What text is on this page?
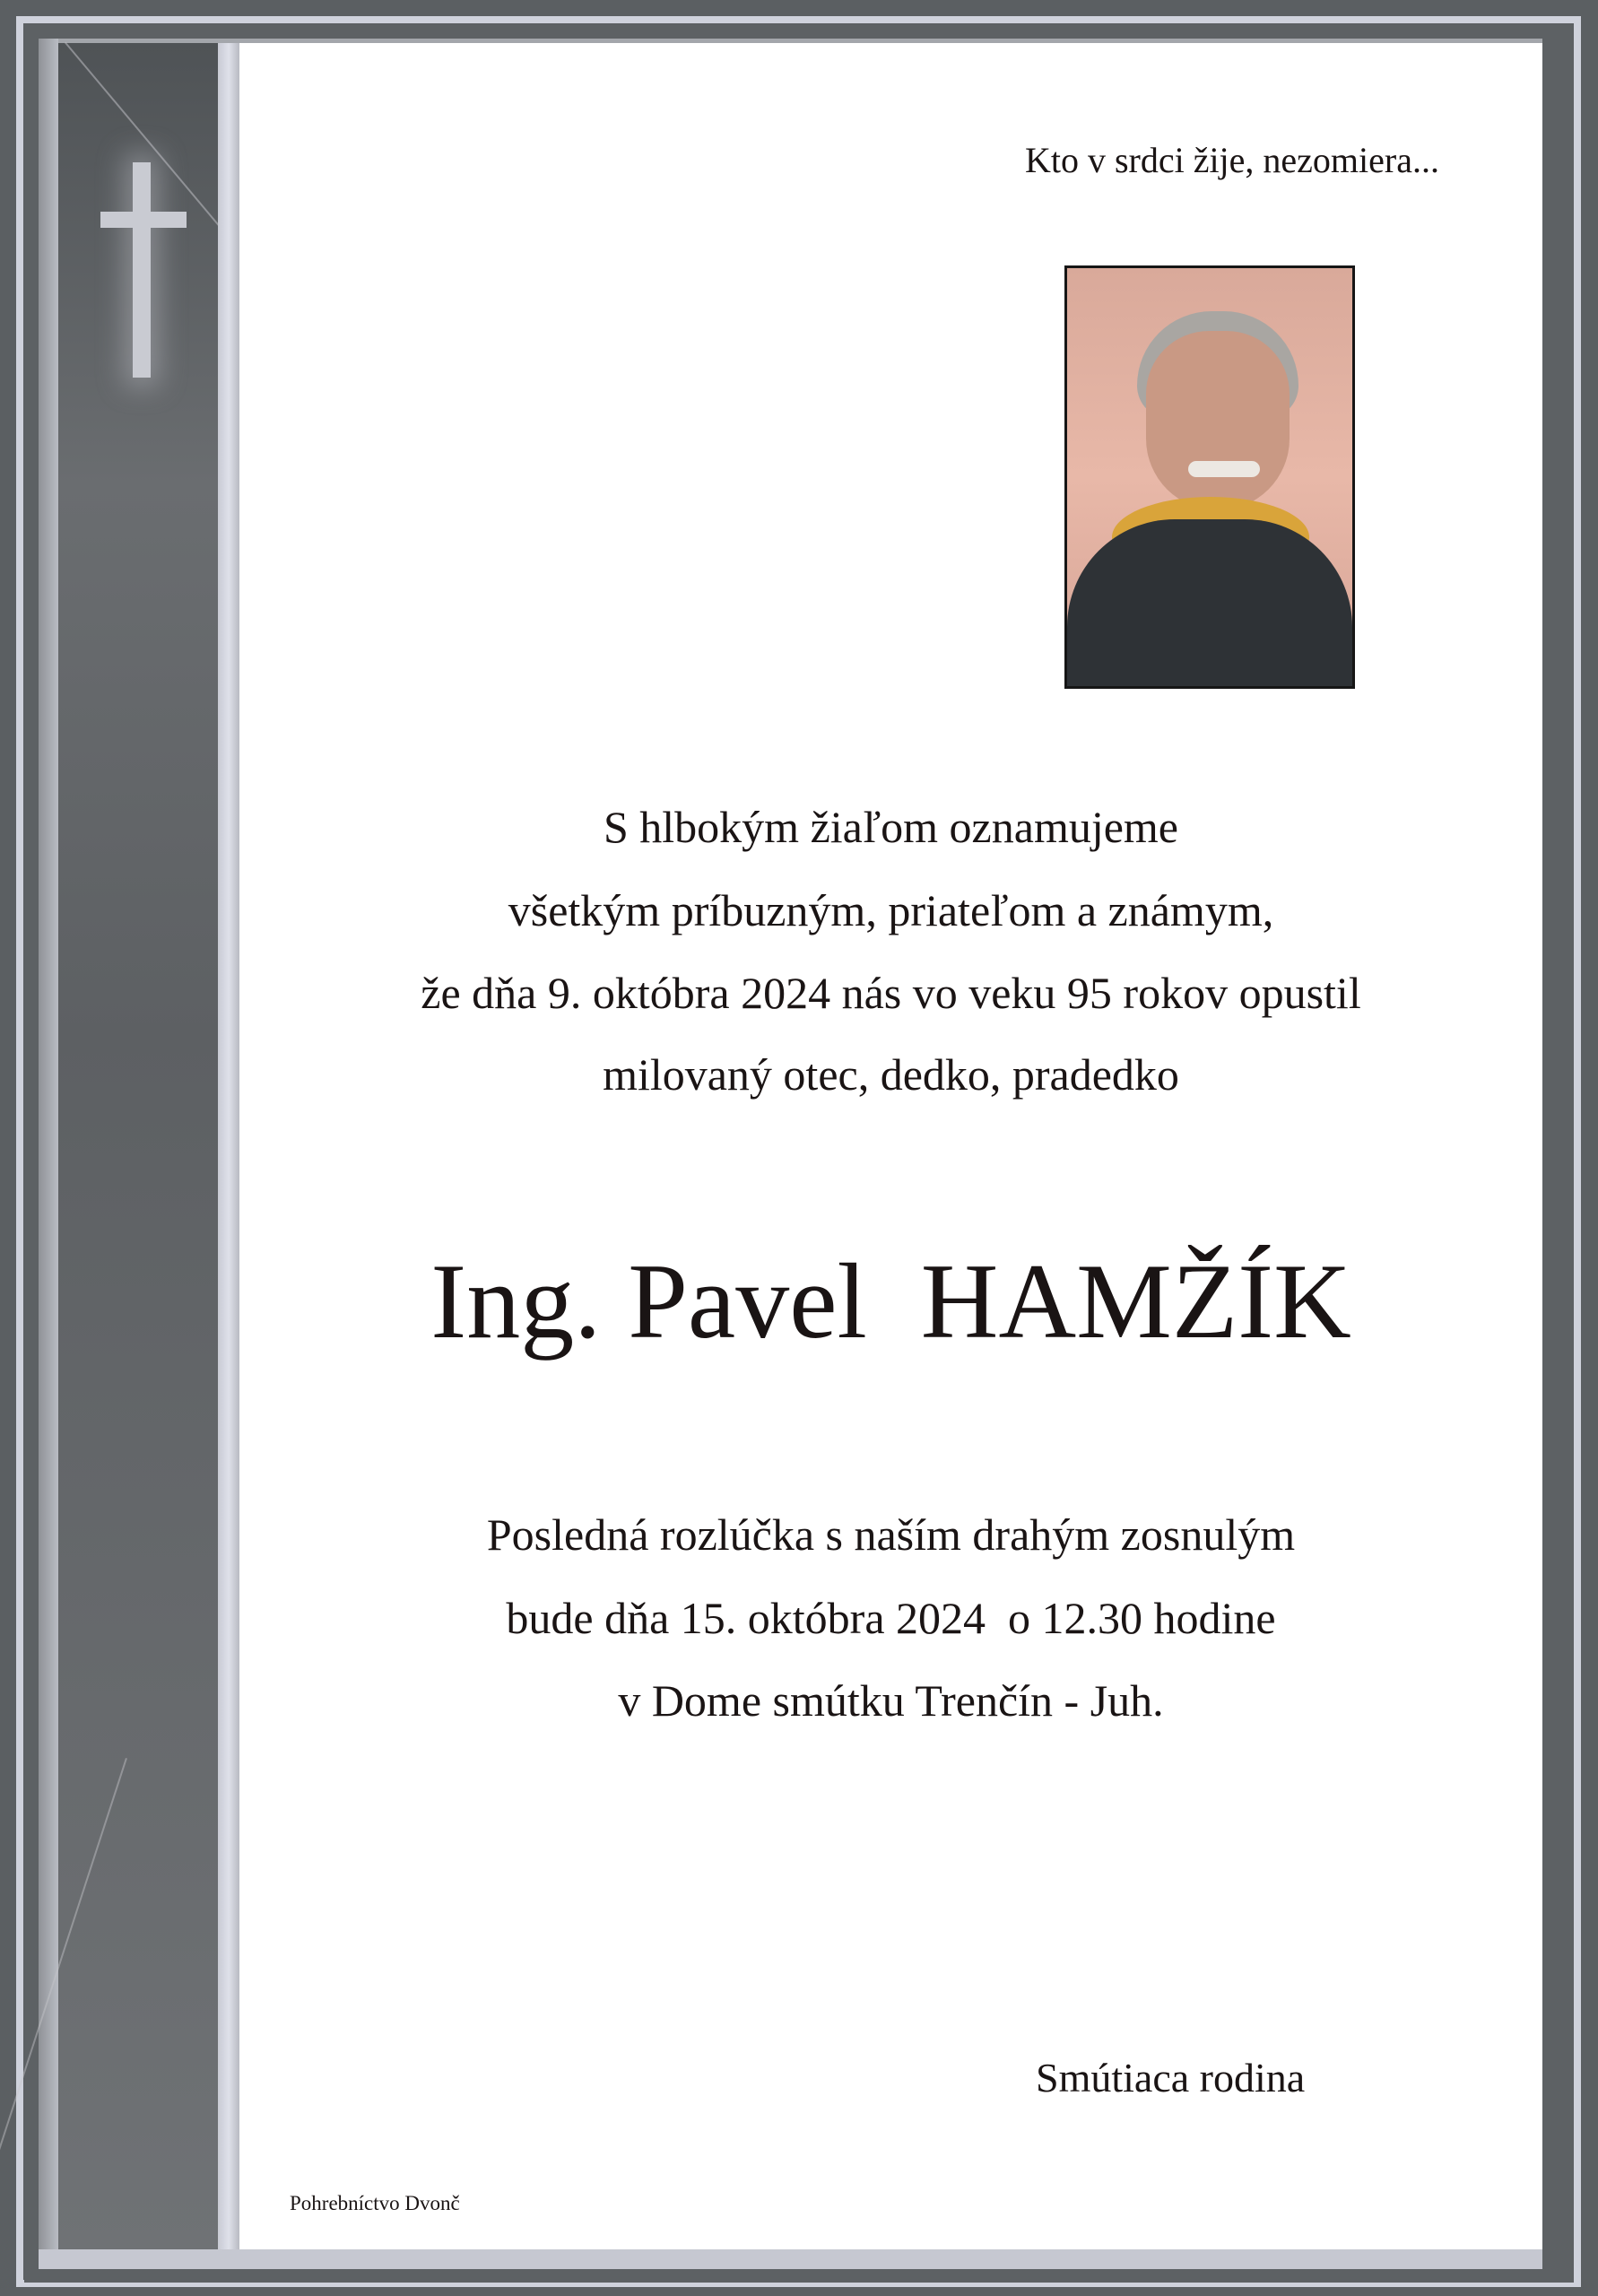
Kto v srdci žije, nezomiera...
S hlbokým žiaľom oznamujeme
všetkým príbuzným, priateľom a známym,
že dňa 9. októbra 2024 nás vo veku 95 rokov opustil
milovaný otec, dedko, pradedko
Ing. Pavel  HAMŽÍK
Posledná rozlúčka s naším drahým zosnulým
bude dňa 15. októbra 2024  o 12.30 hodine
v Dome smútku Trenčín - Juh.
Smútiaca rodina
Pohrebníctvo Dvonč
